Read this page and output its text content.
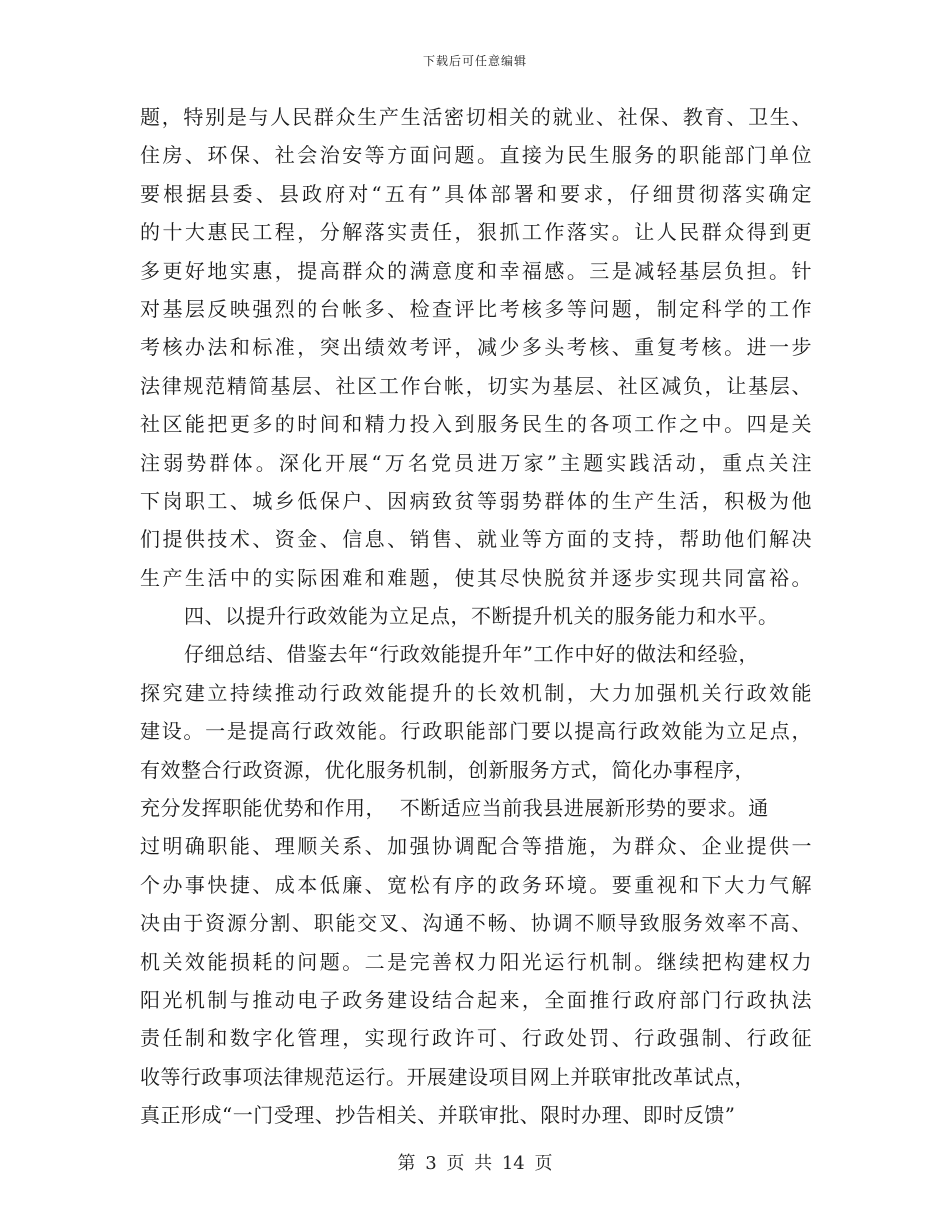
下载后可任意编辑
题，特别是与人民群众生产生活密切相关的就业、社保、教育、卫生、
住房、环保、社会治安等方面问题。直接为民生服务的职能部门单位
要根据县委、县政府对“五有”具体部署和要求，仔细贯彻落实确定
的十大惠民工程，分解落实责任，狠抓工作落实。让人民群众得到更
多更好地实惠，提高群众的满意度和幸福感。三是减轻基层负担。针
对基层反映强烈的台帐多、检查评比考核多等问题，制定科学的工作
考核办法和标准，突出绩效考评，减少多头考核、重复考核。进一步
法律规范精简基层、社区工作台帐，切实为基层、社区减负，让基层、
社区能把更多的时间和精力投入到服务民生的各项工作之中。四是关
注弱势群体。深化开展“万名党员进万家”主题实践活动，重点关注
下岗职工、城乡低保户、因病致贫等弱势群体的生产生活，积极为他
们提供技术、资金、信息、销售、就业等方面的支持，帮助他们解决
生产生活中的实际困难和难题，使其尽快脱贫并逐步实现共同富裕。
四、以提升行政效能为立足点，不断提升机关的服务能力和水平。
仔细总结、借鉴去年“行政效能提升年”工作中好的做法和经验，
探究建立持续推动行政效能提升的长效机制，大力加强机关行政效能
建设。一是提高行政效能。行政职能部门要以提高行政效能为立足点，
有效整合行政资源，优化服务机制，创新服务方式，简化办事程序，
充分发挥职能优势和作用，  不断适应当前我县进展新形势的要求。通
过明确职能、理顺关系、加强协调配合等措施，为群众、企业提供一
个办事快捷、成本低廉、宽松有序的政务环境。要重视和下大力气解
决由于资源分割、职能交叉、沟通不畅、协调不顺导致服务效率不高、
机关效能损耗的问题。二是完善权力阳光运行机制。继续把构建权力
阳光机制与推动电子政务建设结合起来，全面推行政府部门行政执法
责任制和数字化管理，实现行政许可、行政处罚、行政强制、行政征
收等行政事项法律规范运行。开展建设项目网上并联审批改革试点，
真正形成“一门受理、抄告相关、并联审批、限时办理、即时反馈”
第 3 页 共 14 页
